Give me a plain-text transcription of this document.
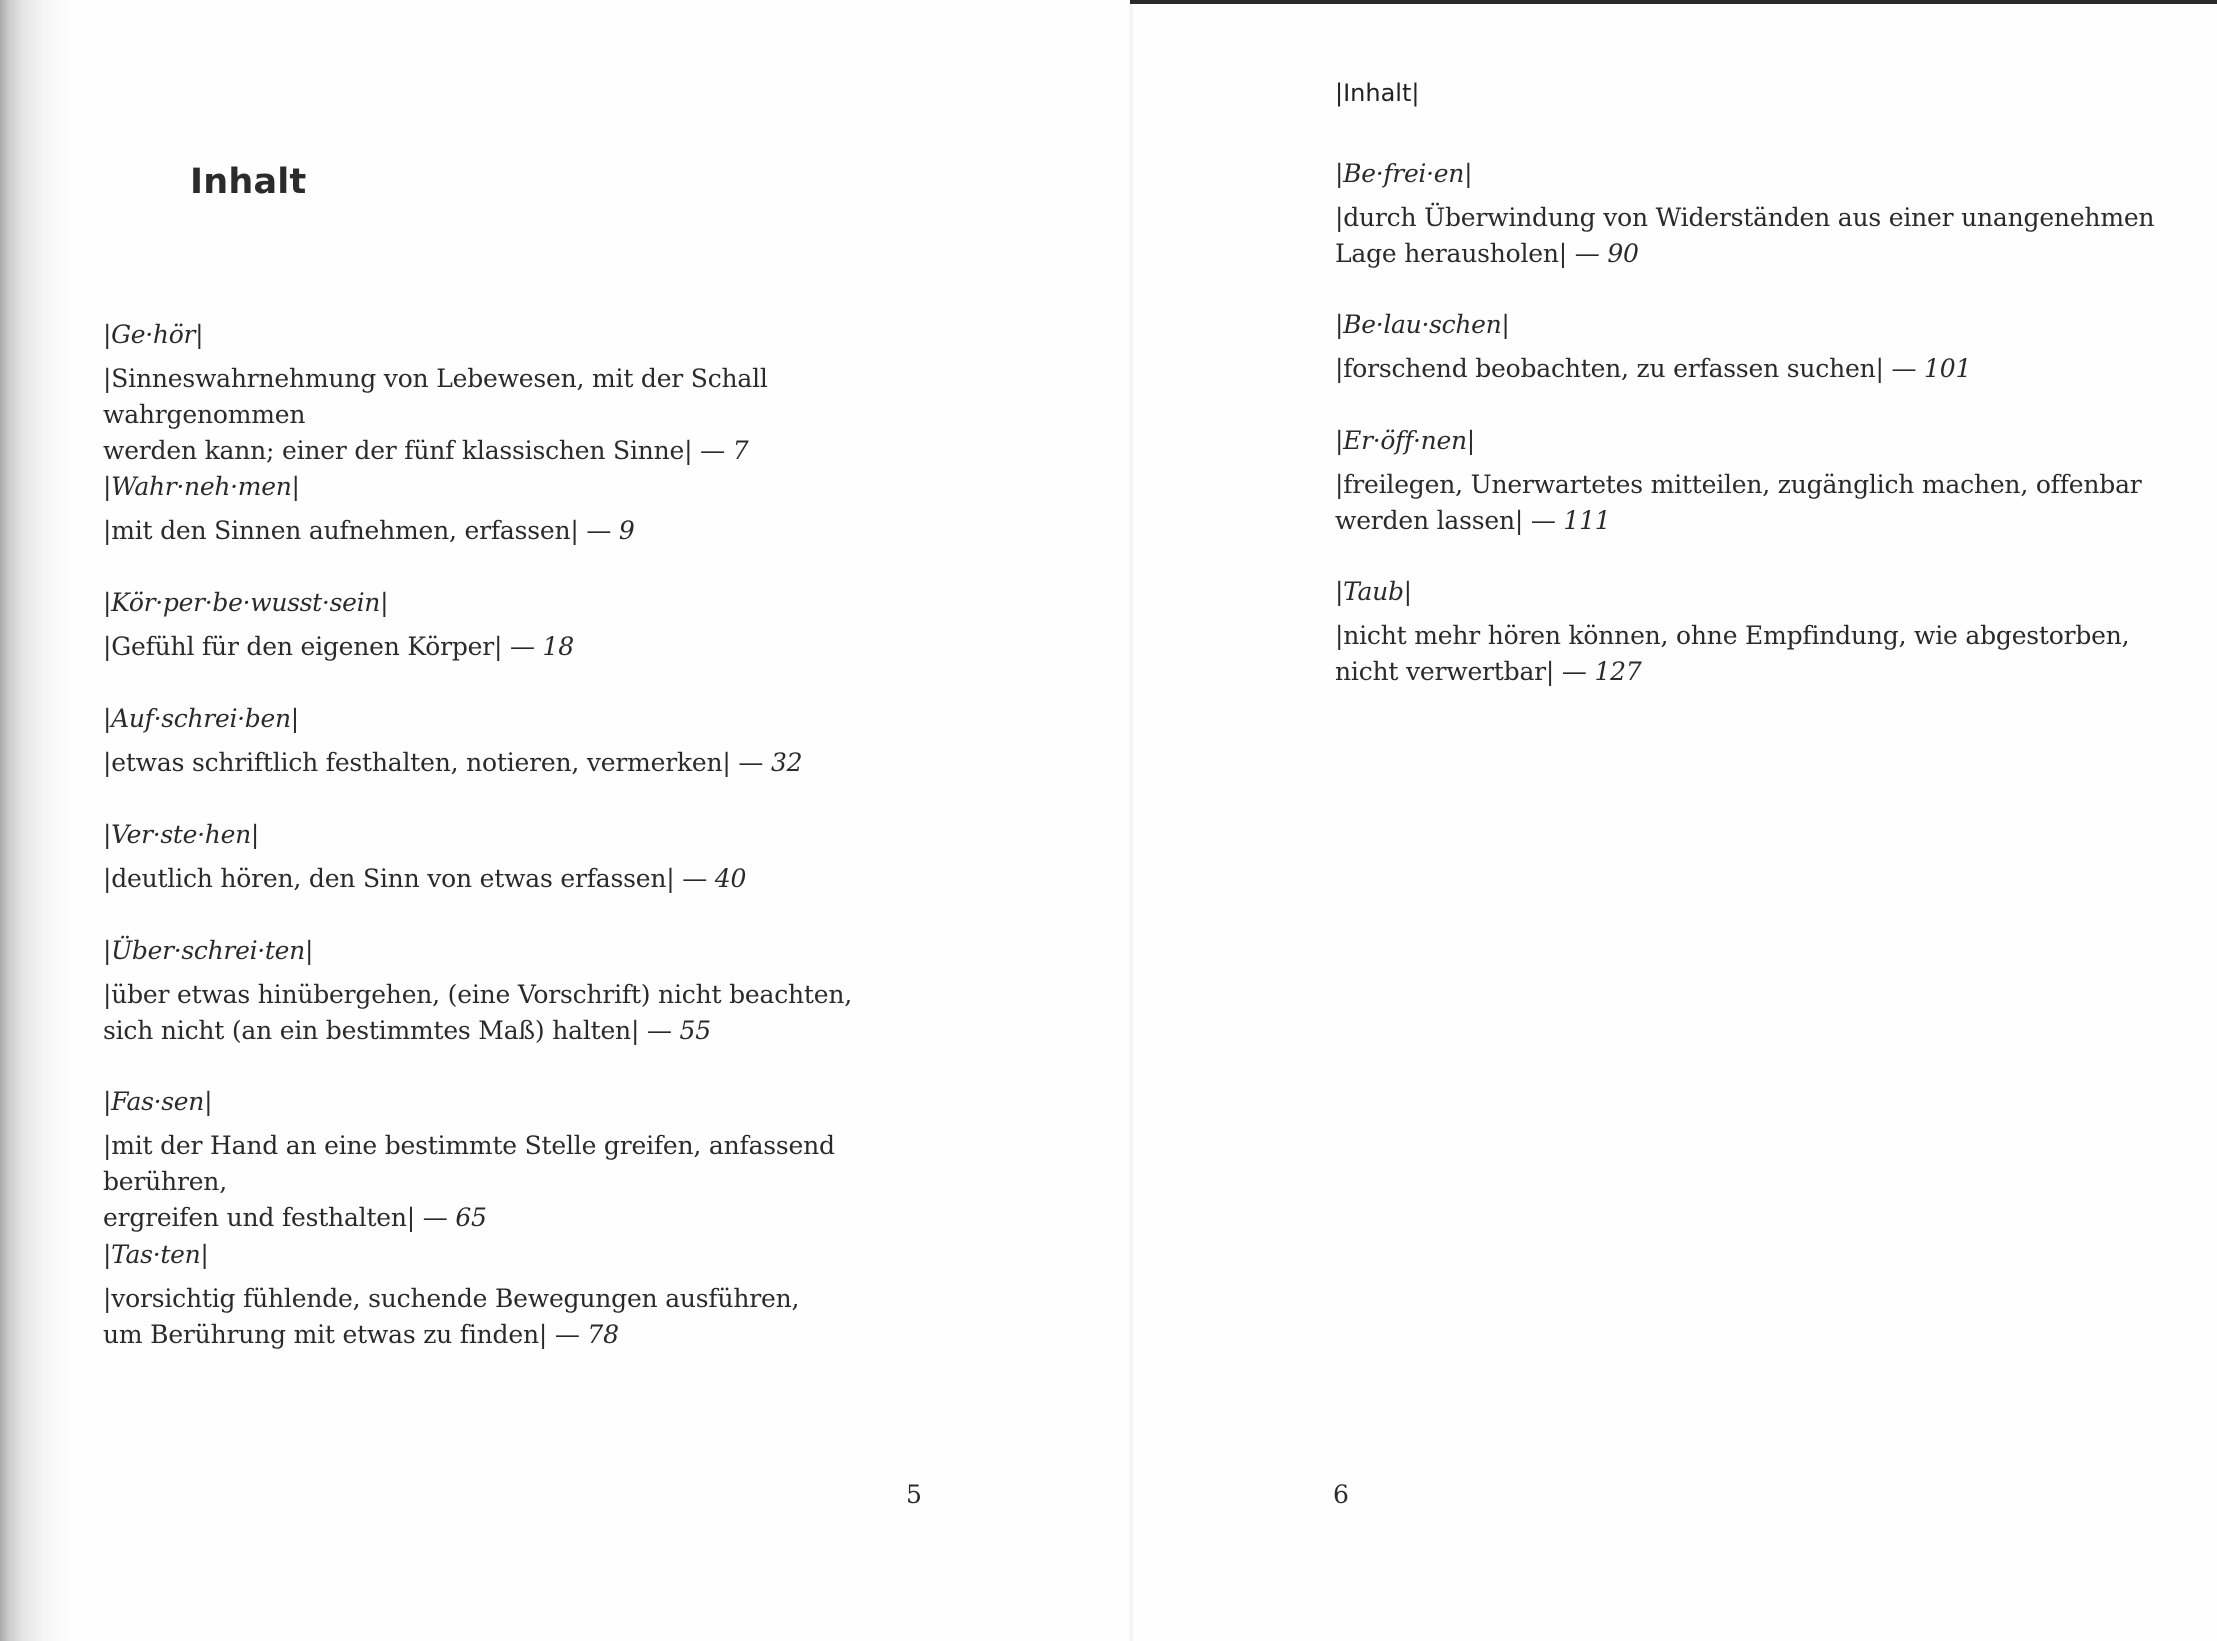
Inhalt
|Ge·hör|
|Sinneswahrnehmung von Lebewesen, mit der Schall wahrgenommen
werden kann; einer der fünf klassischen Sinne| — 7
|Wahr·neh·men|
|mit den Sinnen aufnehmen, erfassen| — 9
|Kör·per·be·wusst·sein|
|Gefühl für den eigenen Körper| — 18
|Auf·schrei·ben|
|etwas schriftlich festhalten, notieren, vermerken| — 32
|Ver·ste·hen|
|deutlich hören, den Sinn von etwas erfassen| — 40
|Über·schrei·ten|
|über etwas hinübergehen, (eine Vorschrift) nicht beachten,
sich nicht (an ein bestimmtes Maß) halten| — 55
|Fas·sen|
|mit der Hand an eine bestimmte Stelle greifen, anfassend berühren,
ergreifen und festhalten| — 65
|Tas·ten|
|vorsichtig fühlende, suchende Bewegungen ausführen,
um Berührung mit etwas zu finden| — 78
5
|Inhalt|
|Be·frei·en|
|durch Überwindung von Widerständen aus einer unangenehmen
Lage herausholen| — 90
|Be·lau·schen|
|forschend beobachten, zu erfassen suchen| — 101
|Er·öff·nen|
|freilegen, Unerwartetes mitteilen, zugänglich machen, offenbar
werden lassen| — 111
|Taub|
|nicht mehr hören können, ohne Empfindung, wie abgestorben,
nicht verwertbar| — 127
6
